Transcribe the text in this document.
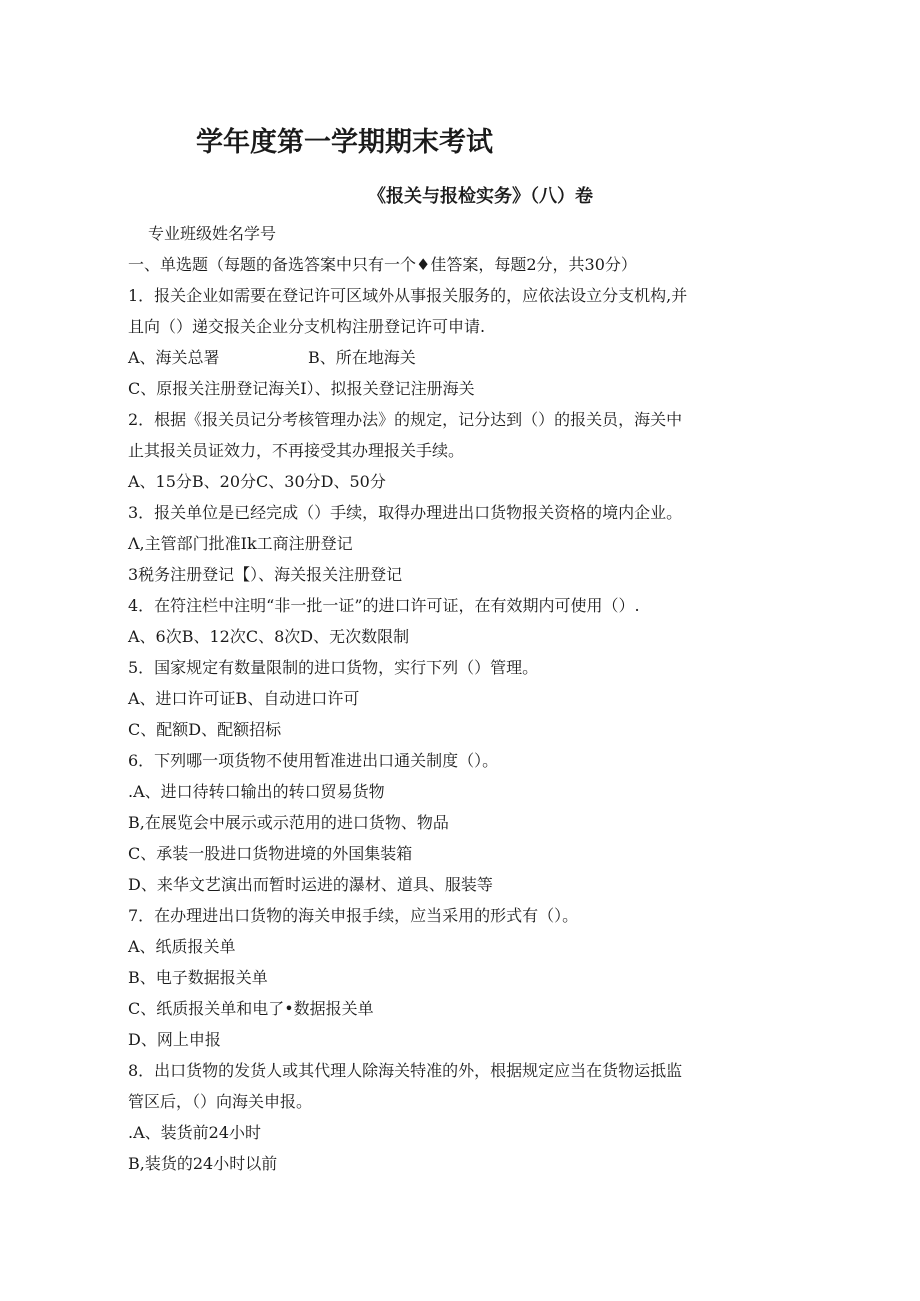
学年度第一学期期末考试
《报关与报检实务》（八）卷
专业班级姓名学号
一、单选题（每题的备选答案中只有一个♦佳答案，每题2分，共30分）
1．报关企业如需要在登记许可区域外从事报关服务的，应依法设立分支机构,并
且向（）递交报关企业分支机构注册登记许可申请.
A、海关总署	B、所在地海关
C、原报关注册登记海关I）、拟报关登记注册海关
2．根据《报关员记分考核管理办法》的规定，记分达到（）的报关员，海关中
止其报关员证效力，不再接受其办理报关手续。
A、15分B、20分C、30分D、50分
3．报关单位是已经完成（）手续，取得办理进出口货物报关资格的境内企业。
Λ,主管部门批准Ik工商注册登记
3税务注册登记【）、海关报关注册登记
4．在符注栏中注明“非一批一证”的进口许可证，在有效期内可使用（）.
A、6次B、12次C、8次D、无次数限制
5．国家规定有数量限制的进口货物，实行下列（）管理。
A、进口许可证B、自动进口许可
C、配额D、配额招标
6．下列哪一项货物不使用暂准进出口通关制度（）。
.A、进口待转口输出的转口贸易货物
B,在展览会中展示或示范用的进口货物、物品
C、承装一股进口货物进境的外国集装箱
D、来华文艺演出而暂时运进的瀑材、道具、服装等
7．在办理进出口货物的海关申报手续，应当采用的形式有（）。
A、纸质报关单
B、电子数据报关单
C、纸质报关单和电了•数据报关单
D、网上申报
8．出口货物的发货人或其代理人除海关特准的外，根据规定应当在货物运抵监
管区后，（）向海关申报。
.A、装货前24小时
B,装货的24小时以前
